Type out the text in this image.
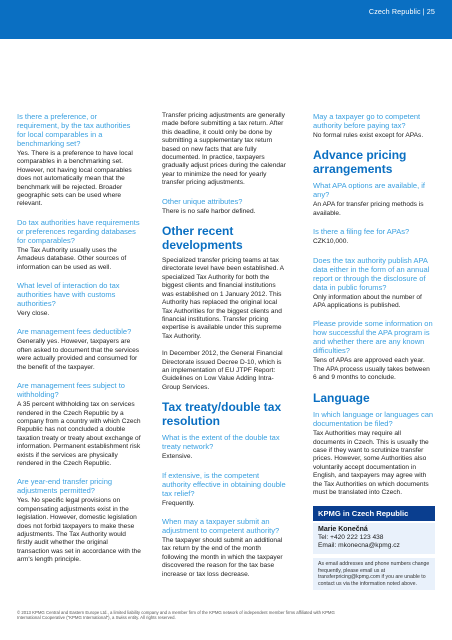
Czech Republic | 25

Is there a preference, or requirement, by the tax authorities for local comparables in a benchmarking set?

Yes. There is a preference to have local comparables in a benchmarking set. However, not having local comparables does not automatically mean that the benchmark will be rejected. Broader geographic sets can be used where relevant.

Do tax authorities have requirements or preferences regarding databases for comparables?

The Tax Authority usually uses the Amadeus database. Other sources of information can be used as well.

What level of interaction do tax authorities have with customs authorities?

Very close.

Are management fees deductible?

Generally yes. However, taxpayers are often asked to document that the services were actually provided and consumed for the benefit of the taxpayer.

Are management fees subject to withholding?

A 35 percent withholding tax on services rendered in the Czech Republic by a company from a country with which Czech Republic has not concluded a double taxation treaty or treaty about exchange of information. Permanent establishment risk exists if the services are physically rendered in the Czech Republic.

Are year-end transfer pricing adjustments permitted?

Yes. No specific legal provisions on compensating adjustments exist in the legislation. However, domestic legislation does not forbid taxpayers to make these adjustments. The Tax Authority would firstly audit whether the original transaction was set in accordance with the arm's length principle.

Transfer pricing adjustments are generally made before submitting a tax return. After this deadline, it could only be done by submitting a supplementary tax return based on new facts that are fully documented. In practice, taxpayers gradually adjust prices during the calendar year to minimize the need for yearly transfer pricing adjustments.

Other unique attributes?

There is no safe harbor defined.

Other recent developments

Specialized transfer pricing teams at tax directorate level have been established. A specialized Tax Authority for both the biggest clients and financial institutions was established on 1 January 2012. This Authority has replaced the original local Tax Authorities for the biggest clients and financial institutions. Transfer pricing expertise is available under this supreme Tax Authority.

In December 2012, the General Financial Directorate issued Decree D-10, which is an implementation of EU JTPF Report: Guidelines on Low Value Adding Intra-Group Services.

Tax treaty/double tax resolution

What is the extent of the double tax treaty network?

Extensive.

If extensive, is the competent authority effective in obtaining double tax relief?

Frequently.

When may a taxpayer submit an adjustment to competent authority?

The taxpayer should submit an additional tax return by the end of the month following the month in which the taxpayer discovered the reason for the tax base increase or tax loss decrease.

May a taxpayer go to competent authority before paying tax?

No formal rules exist except for APAs.

Advance pricing arrangements

What APA options are available, if any?

An APA for transfer pricing methods is available.

Is there a filing fee for APAs?

CZK10,000.

Does the tax authority publish APA data either in the form of an annual report or through the disclosure of data in public forums?

Only information about the number of APA applications is published.

Please provide some information on how successful the APA program is and whether there are any known difficulties?

Tens of APAs are approved each year. The APA process usually takes between 6 and 9 months to conclude.

Language

In which language or languages can documentation be filed?

Tax Authorities may require all documents in Czech. This is usually the case if they want to scrutinize transfer prices. However, some Authorities also voluntarily accept documentation in English, and taxpayers may agree with the Tax Authorities on which documents must be translated into Czech.

KPMG in Czech Republic

Marie Konečná

Tel: +420 222 123 438

Email: mkonecna@kpmg.cz

As email addresses and phone numbers change frequently, please email us at transferpricing@kpmg.com if you are unable to contact us via the information noted above.
© 2013 KPMG Central and Eastern Europe Ltd., a limited liability company and a member firm of the KPMG network of independent member firms affiliated with KPMG International Cooperative ("KPMG International"), a Swiss entity. All rights reserved.
